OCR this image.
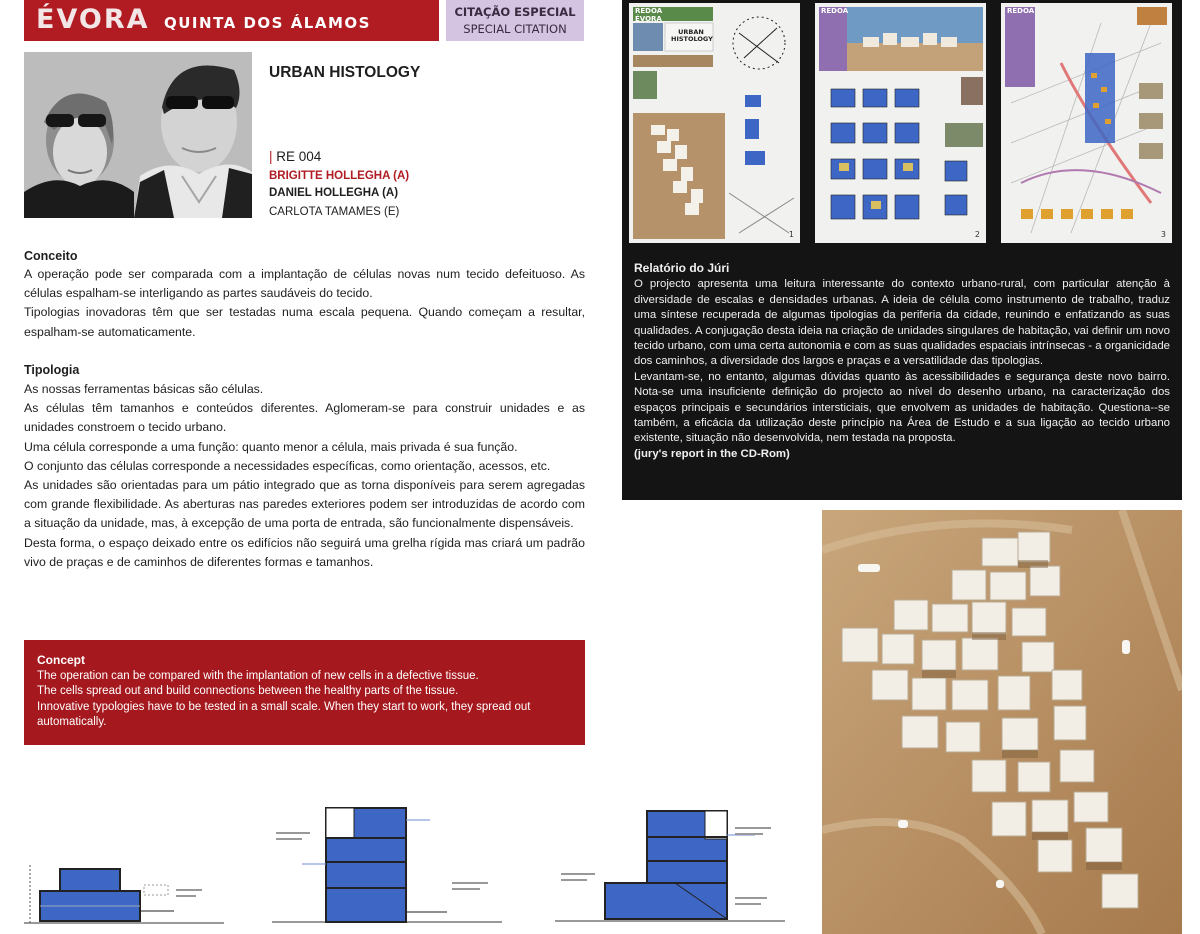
ÉVORA QUINTA DOS ÁLAMOS
CITAÇÃO ESPECIAL
SPECIAL CITATION
URBAN HISTOLOGY
| RE 004
BRIGITTE HOLLEGHA (A)
DANIEL HOLLEGHA (A)
CARLOTA TAMAMES (E)
Conceito

A operação pode ser comparada com a implantação de células novas num tecido defeituoso. As células espalham-se interligando as partes saudáveis do tecido.

Tipologias inovadoras têm que ser testadas numa escala pequena. Quando começam a resultar, espalham-se automaticamente.

Tipologia

As nossas ferramentas básicas são células.

As células têm tamanhos e conteúdos diferentes. Aglomeram-se para construir unidades e as unidades constroem o tecido urbano.

Uma célula corresponde a uma função: quanto menor a célula, mais privada é sua função.

O conjunto das células corresponde a necessidades específicas, como orientação, acessos, etc.

As unidades são orientadas para um pátio integrado que as torna disponíveis para serem agregadas com grande flexibilidade. As aberturas nas paredes exteriores podem ser introduzidas de acordo com a situação da unidade, mas, à excepção de uma porta de entrada, são funcionalmente dispensáveis.

Desta forma, o espaço deixado entre os edifícios não seguirá uma grelha rígida mas criará um padrão vivo de praças e de caminhos de diferentes formas e tamanhos.

Concept

The operation can be compared with the implantation of new cells in a defective tissue.

The cells spread out and build connections between the healthy parts of the tissue.

Innovative typologies have to be tested in a small scale. When they start to work, they spread out automatically.

REDOA
ÉVORA
URBAN HISTOLOGY
1
REDOA
2
REDOA
3
Relatório do Júri

O projecto apresenta uma leitura interessante do contexto urbano-rural, com particular atenção à diversidade de escalas e densidades urbanas. A ideia de célula como instrumento de trabalho, traduz uma síntese recuperada de algumas tipologias da periferia da cidade, reunindo e enfatizando as suas qualidades. A conjugação desta ideia na criação de unidades singulares de habitação, vai definir um novo tecido urbano, com uma certa autonomia e com as suas qualidades espaciais intrínsecas - a organicidade dos caminhos, a diversidade dos largos e praças e a versatilidade das tipologias.

Levantam-se, no entanto, algumas dúvidas quanto às acessibilidades e segurança deste novo bairro. Nota-se uma insuficiente definição do projecto ao nível do desenho urbano, na caracterização dos espaços principais e secundários intersticiais, que envolvem as unidades de habitação. Questiona--se também, a eficácia da utilização deste princípio na Área de Estudo e a sua ligação ao tecido urbano existente, situação não desenvolvida, nem testada na proposta.

(jury's report in the CD-Rom)
